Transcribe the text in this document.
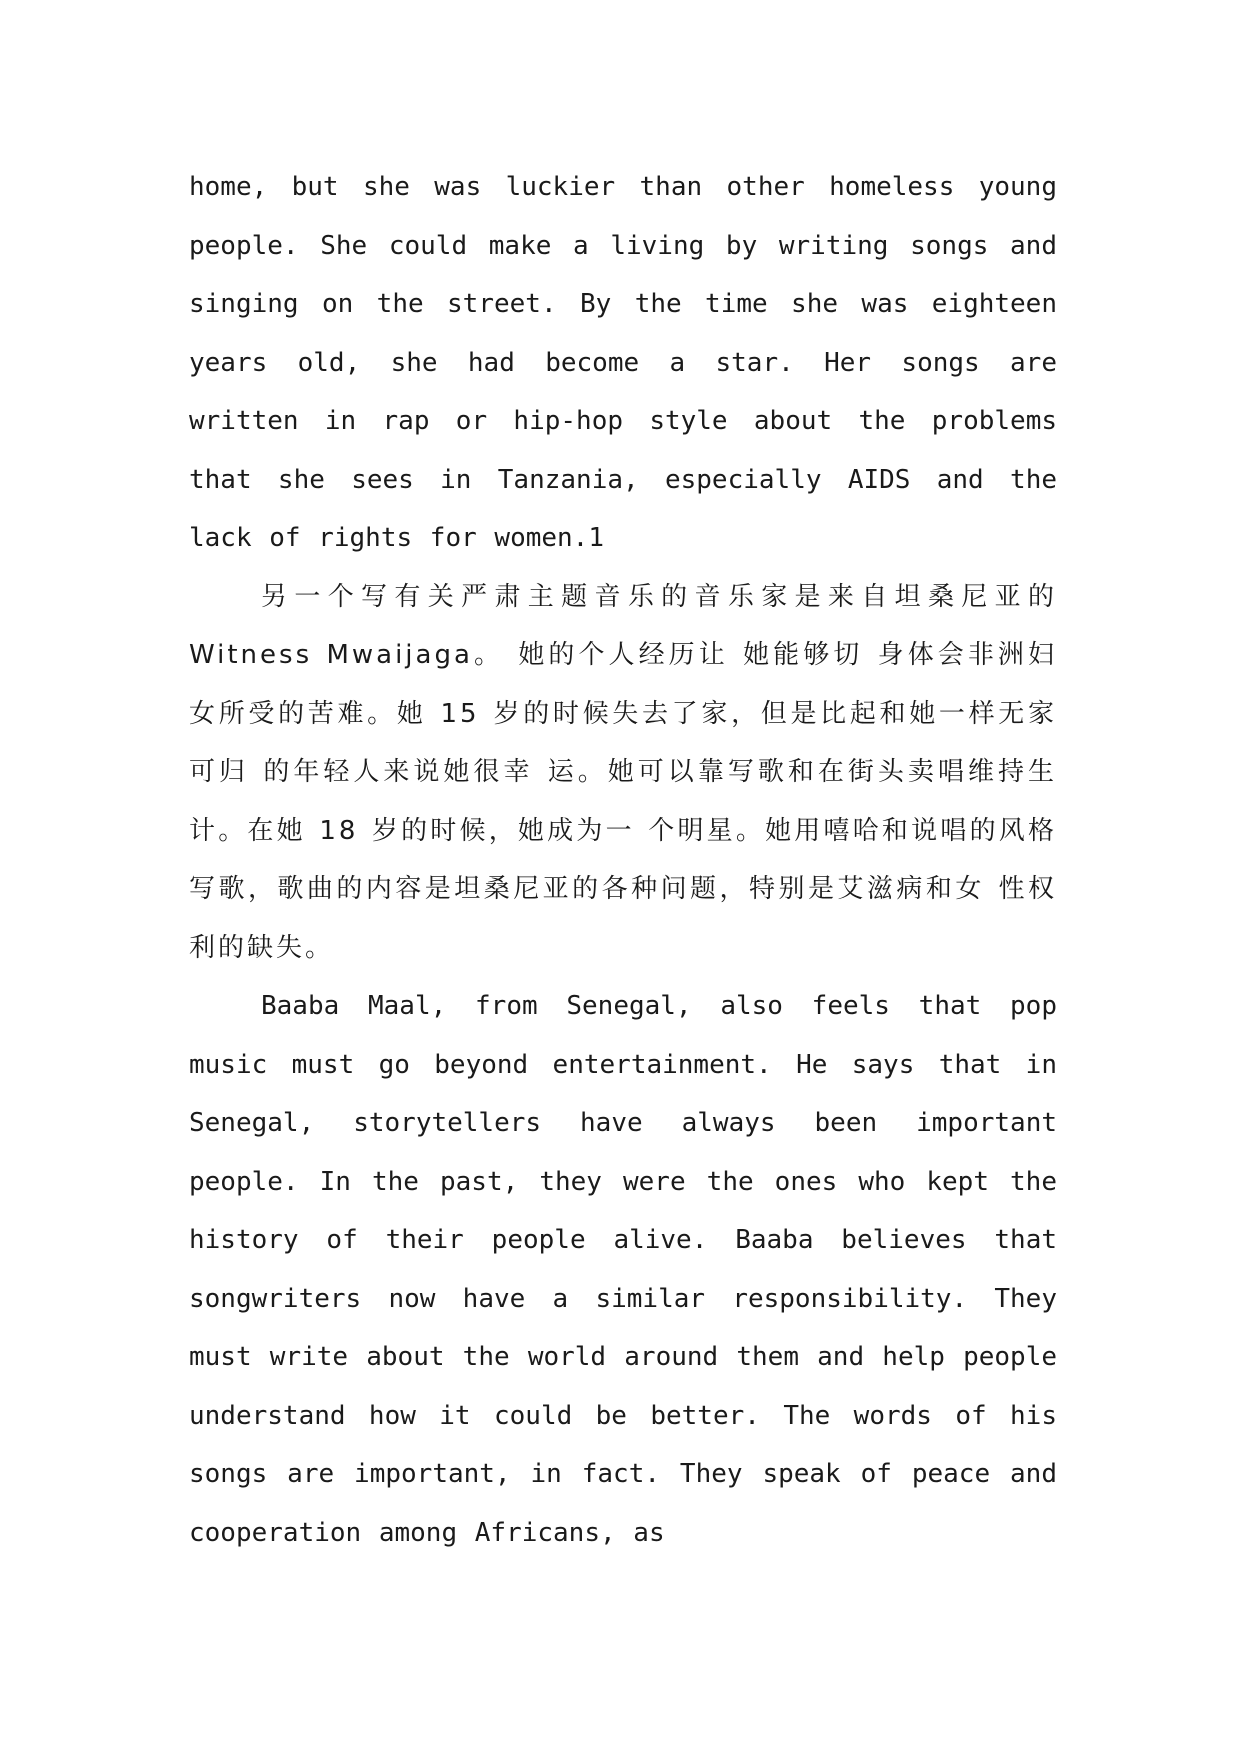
home, but she was luckier than other homeless young people. She could make a living by writing songs and singing on the street. By the time she was eighteen years old, she had become a star. Her songs are written in rap or hip-hop style about the problems that she sees in Tanzania, especially AIDS and the lack of rights for women.1

另一个写有关严肃主题音乐的音乐家是来自坦桑尼亚的 Witness Mwaijaga。 她的个人经历让 她能够切 身体会非洲妇女所受的苦难。她 15 岁的时候失去了家，但是比起和她一样无家可归 的年轻人来说她很幸 运。她可以靠写歌和在街头卖唱维持生计。在她 18 岁的时候，她成为一 个明星。她用嘻哈和说唱的风格 写歌，歌曲的内容是坦桑尼亚的各种问题，特别是艾滋病和女 性权利的缺失。

Baaba Maal, from Senegal, also feels that pop music must go beyond entertainment. He says that in Senegal, storytellers have always been important people. In the past, they were the ones who kept the history of their people alive. Baaba believes that songwriters now have a similar responsibility. They must write about the world around them and help people understand how it could be better. The words of his songs are important, in fact. They speak of peace and cooperation among Africans, as
